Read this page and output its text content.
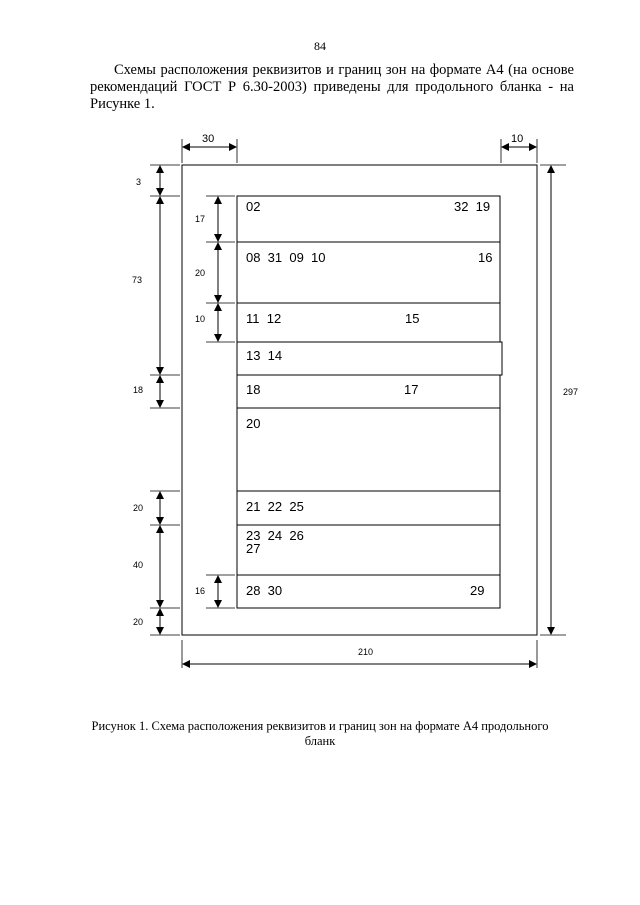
84

Схемы расположения реквизитов и границ зон на формате А4 (на основе рекомендаций ГОСТ Р 6.30-2003) приведены для продольного бланка - на Рисунке 1.

30	10
210
297
3
73
18
20
40
20
17
20
10
16
02	32  19
08  31  09  10	16
11  12	15
13  14
18	17
20
21  22  25
23  24  26
27
28  30	29

Рисунок 1. Схема расположения реквизитов и границ зон на формате А4 продольного
бланк
